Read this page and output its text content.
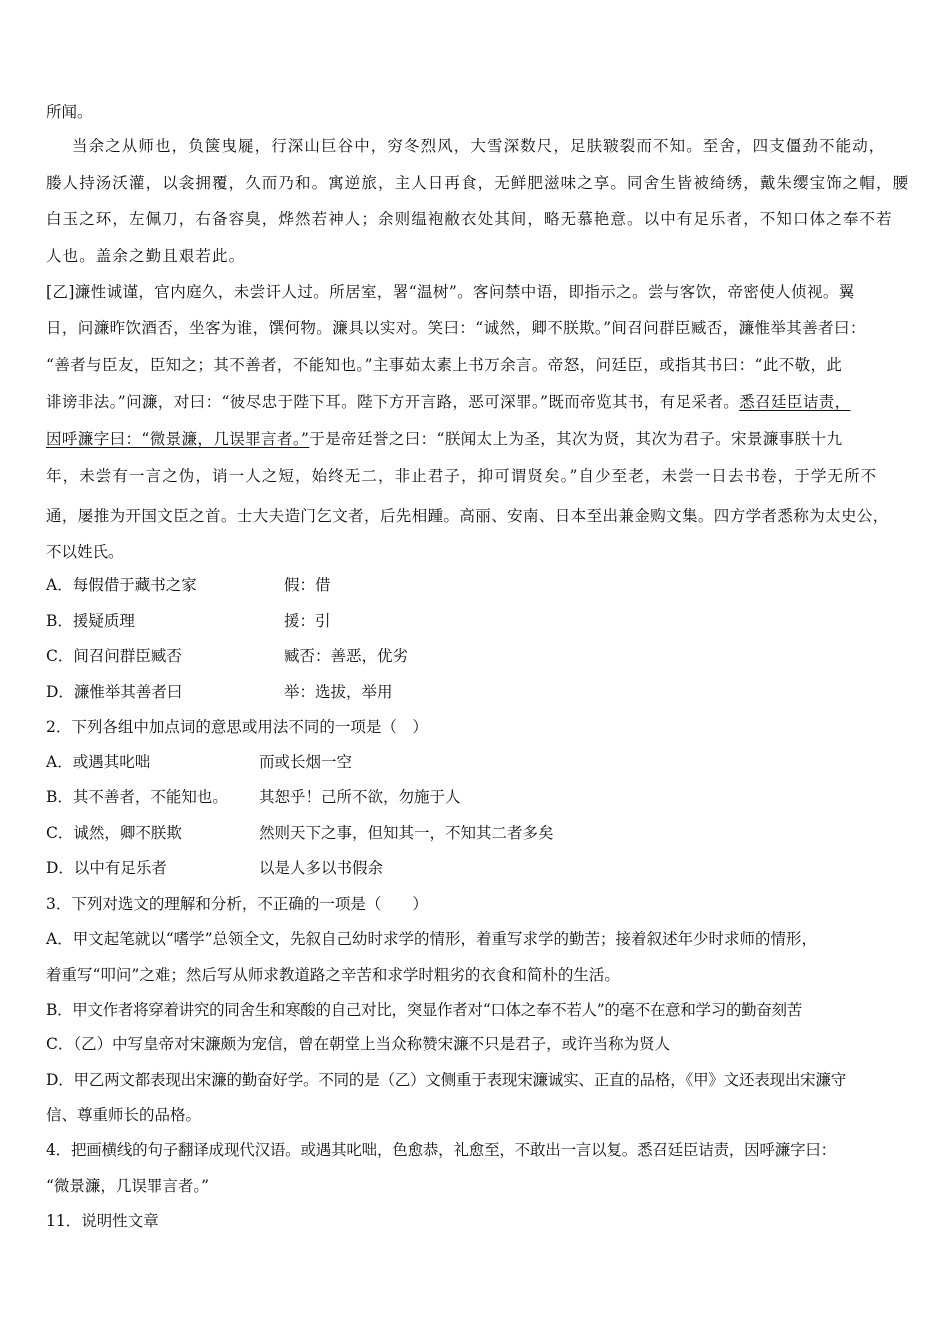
所闻。
当余之从师也，负箧曳屣，行深山巨谷中，穷冬烈风，大雪深数尺，足肤皲裂而不知。至舍，四支僵劲不能动，
媵人持汤沃灌，以衾拥覆，久而乃和。寓逆旅，主人日再食，无鲜肥滋味之享。同舍生皆被绮绣，戴朱缨宝饰之帽，腰
白玉之环，左佩刀，右备容臭，烨然若神人；余则缊袍敝衣处其间，略无慕艳意。以中有足乐者，不知口体之奉不若
人也。盖余之勤且艰若此。
[乙]濂性诚谨，官内庭久，未尝讦人过。所居室，署“温树”。客问禁中语，即指示之。尝与客饮，帝密使人侦视。翼
日，问濂昨饮酒否，坐客为谁，馔何物。濂具以实对。笑曰：“诚然，卿不朕欺。”间召问群臣臧否，濂惟举其善者曰：
“善者与臣友，臣知之；其不善者，不能知也。”主事茹太素上书万余言。帝怒，问廷臣，或指其书曰：“此不敬，此
诽谤非法。”问濂，对曰：“彼尽忠于陛下耳。陛下方开言路，恶可深罪。”既而帝览其书，有足采者。悉召廷臣诘责，
因呼濂字曰：“微景濂，几误罪言者。”于是帝廷誉之曰：“朕闻太上为圣，其次为贤，其次为君子。宋景濂事朕十九
年，未尝有一言之伪，诮一人之短，始终无二，非止君子，抑可谓贤矣。”自少至老，未尝一日去书卷，于学无所不
通，屡推为开国文臣之首。士大夫造门乞文者，后先相踵。高丽、安南、日本至出兼金购文集。四方学者悉称为太史公，
不以姓氏。
A．每假借于藏书之家	假：借
B．援疑质理	援：引
C．间召问群臣臧否	臧否：善恶，优劣
D．濂惟举其善者曰	举：选拔，举用
2．下列各组中加点词的意思或用法不同的一项是（　）
A．或遇其叱咄	而或长烟一空
B．其不善者，不能知也。 其恕乎！己所不欲，勿施于人
C．诚然，卿不朕欺	然则天下之事，但知其一，不知其二者多矣
D．以中有足乐者	以是人多以书假余
3．下列对选文的理解和分析，不正确的一项是（　　）
A．甲文起笔就以“嗜学”总领全文，先叙自己幼时求学的情形，着重写求学的勤苦；接着叙述年少时求师的情形，
着重写“叩问”之难；然后写从师求教道路之辛苦和求学时粗劣的衣食和简朴的生活。
B．甲文作者将穿着讲究的同舍生和寒酸的自己对比，突显作者对“口体之奉不若人”的毫不在意和学习的勤奋刻苦
C．（乙）中写皇帝对宋濂颇为宠信，曾在朝堂上当众称赞宋濂不只是君子，或许当称为贤人
D．甲乙两文都表现出宋濂的勤奋好学。不同的是（乙）文侧重于表现宋濂诚实、正直的品格，《甲》文还表现出宋濂守
信、尊重师长的品格。
4．把画横线的句子翻译成现代汉语。或遇其叱咄，色愈恭，礼愈至，不敢出一言以复。悉召廷臣诘责，因呼濂字曰：
“微景濂，几误罪言者。”
11．说明性文章
